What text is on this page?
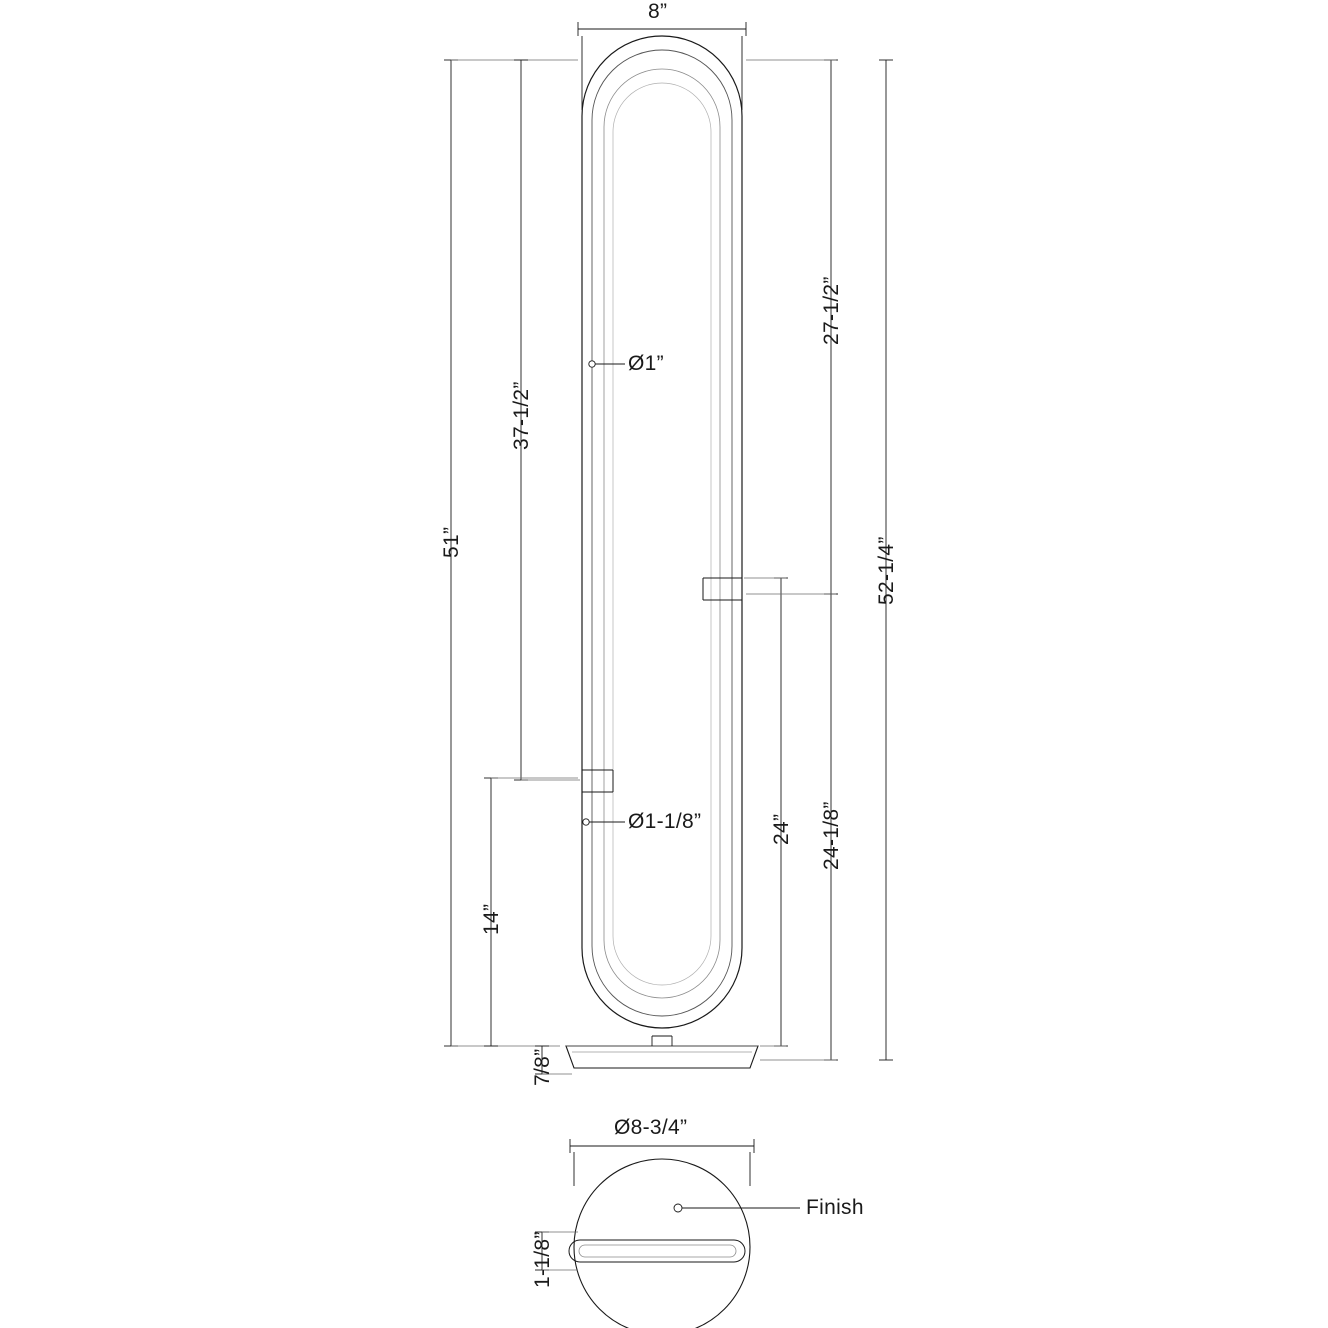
8”
51”
37-1/2”
14”
7/8”
24”
27-1/2”
24-1/8”
52-1/4”
Ø1”
Ø1-1/8”
Ø8-3/4”
1-1/8”
Finish
